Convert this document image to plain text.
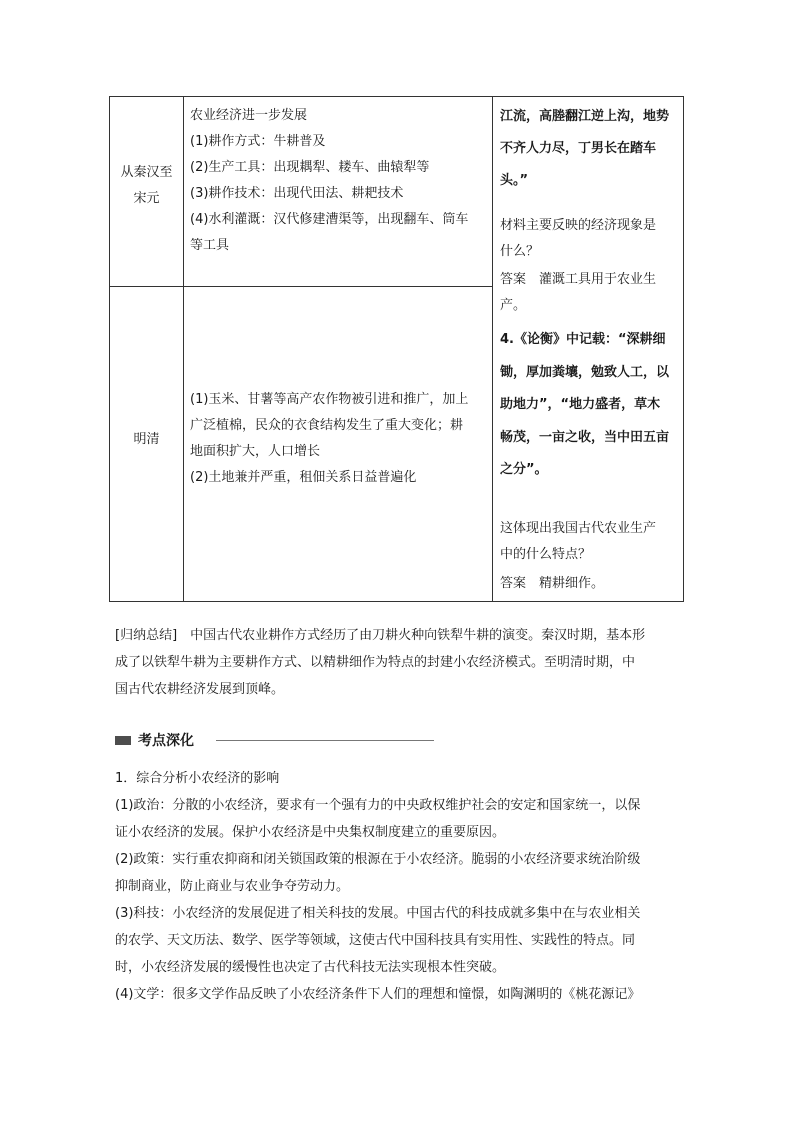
从秦汉至
宋元
农业经济进一步发展
(1)耕作方式：牛耕普及
(2)生产工具：出现耦犁、耧车、曲辕犁等
(3)耕作技术：出现代田法、耕耙技术
(4)水利灌溉：汉代修建漕渠等，出现翻车、筒车
等工具
明清
(1)玉米、甘薯等高产农作物被引进和推广，加上
广泛植棉，民众的衣食结构发生了重大变化；耕
地面积扩大，人口增长
(2)土地兼并严重，租佃关系日益普遍化
江流，高塍翻江逆上沟，地势
不齐人力尽，丁男长在踏车
头。”
材料主要反映的经济现象是
什么？
答案　灌溉工具用于农业生
产。
4.《论衡》中记载：“深耕细
锄，厚加粪壤，勉致人工，以
助地力”，“地力盛者，草木
畅茂，一亩之收，当中田五亩
之分”。
这体现出我国古代农业生产
中的什么特点？
答案　精耕细作。
[归纳总结]　中国古代农业耕作方式经历了由刀耕火种向铁犁牛耕的演变。秦汉时期，基本形
成了以铁犁牛耕为主要耕作方式、以精耕细作为特点的封建小农经济模式。至明清时期，中
国古代农耕经济发展到顶峰。
考点深化
1．综合分析小农经济的影响
(1)政治：分散的小农经济，要求有一个强有力的中央政权维护社会的安定和国家统一，以保
证小农经济的发展。保护小农经济是中央集权制度建立的重要原因。
(2)政策：实行重农抑商和闭关锁国政策的根源在于小农经济。脆弱的小农经济要求统治阶级
抑制商业，防止商业与农业争夺劳动力。
(3)科技：小农经济的发展促进了相关科技的发展。中国古代的科技成就多集中在与农业相关
的农学、天文历法、数学、医学等领域，这使古代中国科技具有实用性、实践性的特点。同
时，小农经济发展的缓慢性也决定了古代科技无法实现根本性突破。
(4)文学：很多文学作品反映了小农经济条件下人们的理想和憧憬，如陶渊明的《桃花源记》
